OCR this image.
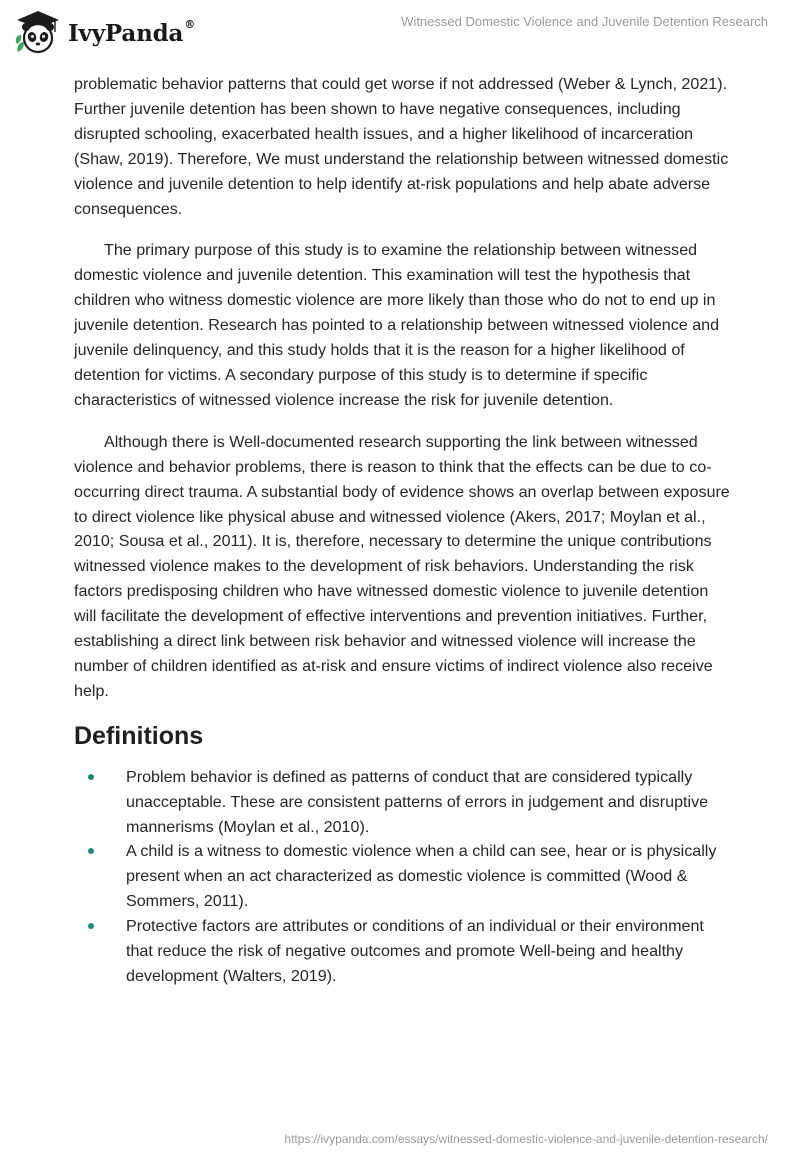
IvyPanda®	Witnessed Domestic Violence and Juvenile Detention Research

problematic behavior patterns that could get worse if not addressed (Weber & Lynch, 2021). Further juvenile detention has been shown to have negative consequences, including disrupted schooling, exacerbated health issues, and a higher likelihood of incarceration (Shaw, 2019). Therefore, We must understand the relationship between witnessed domestic violence and juvenile detention to help identify at-risk populations and help abate adverse consequences.

The primary purpose of this study is to examine the relationship between witnessed domestic violence and juvenile detention. This examination will test the hypothesis that children who witness domestic violence are more likely than those who do not to end up in juvenile detention. Research has pointed to a relationship between witnessed violence and juvenile delinquency, and this study holds that it is the reason for a higher likelihood of detention for victims. A secondary purpose of this study is to determine if specific characteristics of witnessed violence increase the risk for juvenile detention.

Although there is Well-documented research supporting the link between witnessed violence and behavior problems, there is reason to think that the effects can be due to co-occurring direct trauma. A substantial body of evidence shows an overlap between exposure to direct violence like physical abuse and witnessed violence (Akers, 2017; Moylan et al., 2010; Sousa et al., 2011). It is, therefore, necessary to determine the unique contributions witnessed violence makes to the development of risk behaviors. Understanding the risk factors predisposing children who have witnessed domestic violence to juvenile detention will facilitate the development of effective interventions and prevention initiatives. Further, establishing a direct link between risk behavior and witnessed violence will increase the number of children identified as at-risk and ensure victims of indirect violence also receive help.

Definitions
Problem behavior is defined as patterns of conduct that are considered typically unacceptable. These are consistent patterns of errors in judgement and disruptive mannerisms (Moylan et al., 2010).
A child is a witness to domestic violence when a child can see, hear or is physically present when an act characterized as domestic violence is committed (Wood & Sommers, 2011).
Protective factors are attributes or conditions of an individual or their environment that reduce the risk of negative outcomes and promote Well-being and healthy development (Walters, 2019).
https://ivypanda.com/essays/witnessed-domestic-violence-and-juvenile-detention-research/
